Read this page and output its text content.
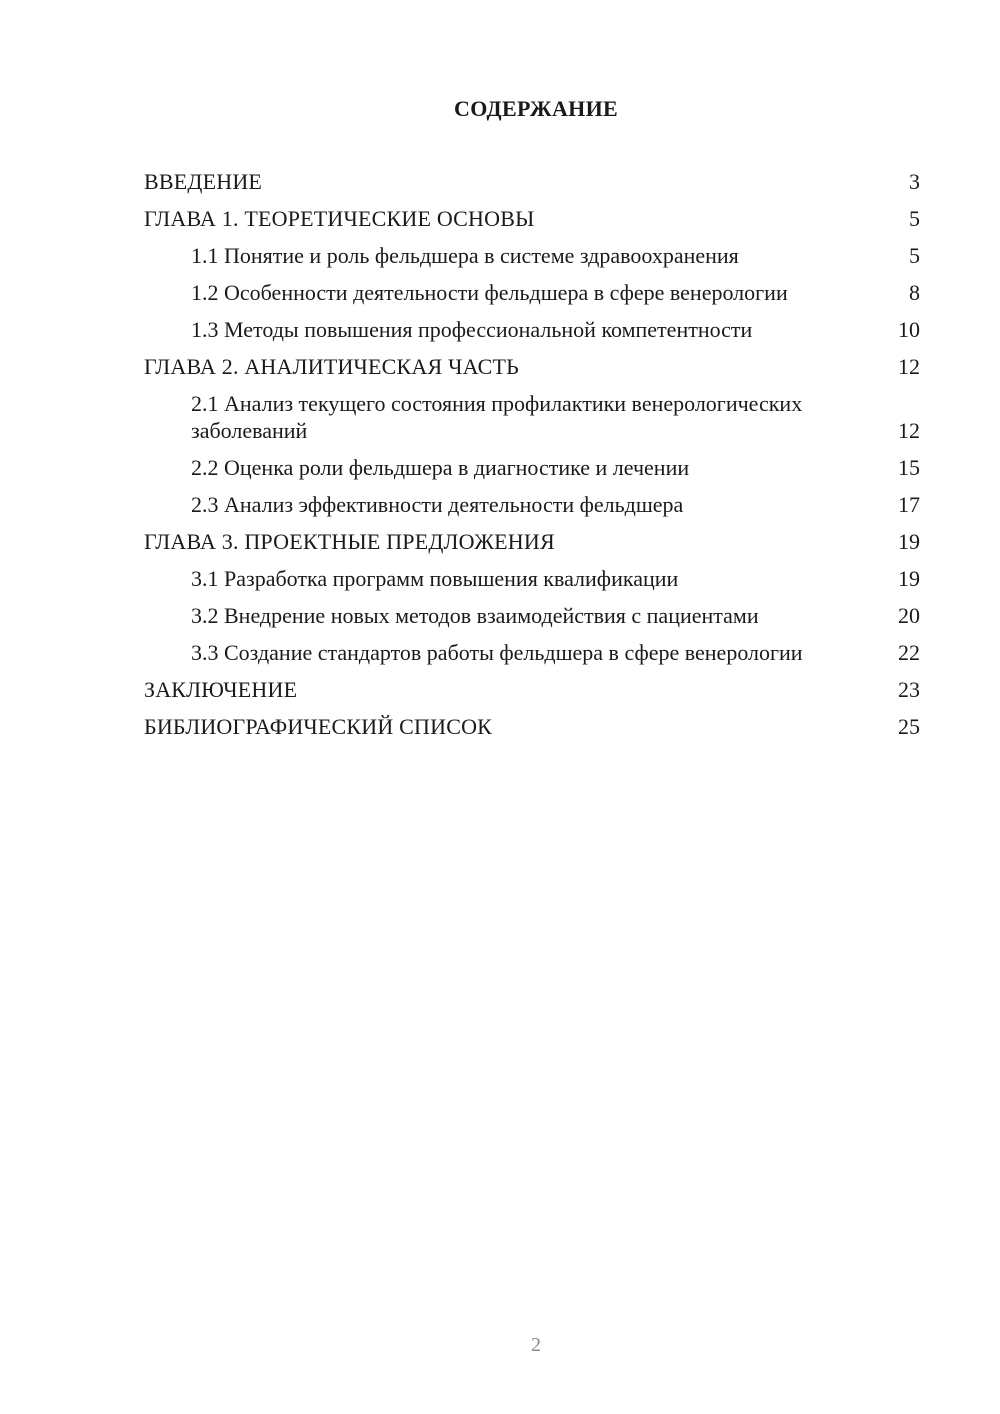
СОДЕРЖАНИЕ
ВВЕДЕНИЕ	3
ГЛАВА 1. ТЕОРЕТИЧЕСКИЕ ОСНОВЫ	5
1.1 Понятие и роль фельдшера в системе здравоохранения	5
1.2 Особенности деятельности фельдшера в сфере венерологии	8
1.3 Методы повышения профессиональной компетентности	10
ГЛАВА 2. АНАЛИТИЧЕСКАЯ ЧАСТЬ	12
2.1 Анализ текущего состояния профилактики венерологических заболеваний	12
2.2 Оценка роли фельдшера в диагностике и лечении	15
2.3 Анализ эффективности деятельности фельдшера	17
ГЛАВА 3. ПРОЕКТНЫЕ ПРЕДЛОЖЕНИЯ	19
3.1 Разработка программ повышения квалификации	19
3.2 Внедрение новых методов взаимодействия с пациентами	20
3.3 Создание стандартов работы фельдшера в сфере венерологии	22
ЗАКЛЮЧЕНИЕ	23
БИБЛИОГРАФИЧЕСКИЙ СПИСОК	25
2
